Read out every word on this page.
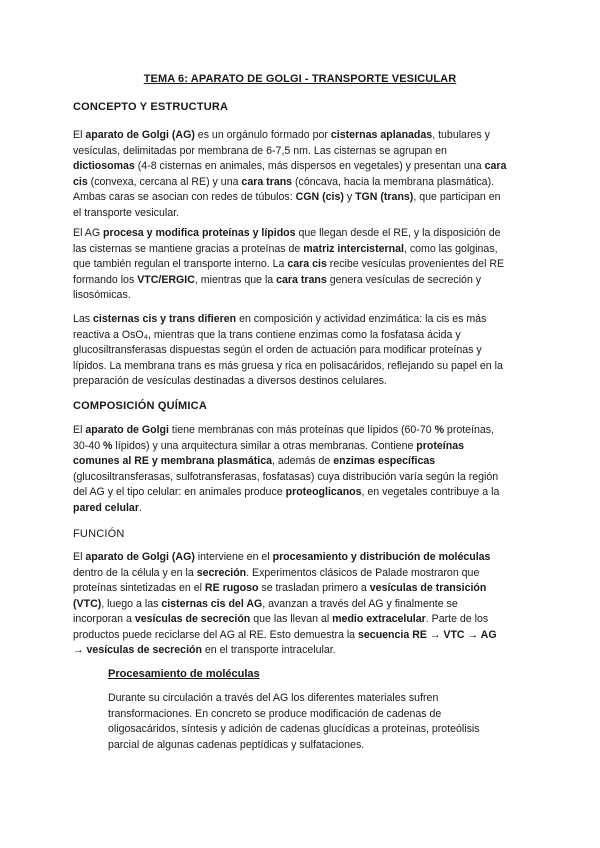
TEMA 6: APARATO DE GOLGI - TRANSPORTE VESICULAR
CONCEPTO Y ESTRUCTURA
El aparato de Golgi (AG) es un orgánulo formado por cisternas aplanadas, tubulares y
vesículas, delimitadas por membrana de 6-7,5 nm. Las cisternas se agrupan en
dictiosomas (4-8 cisternas en animales, más dispersos en vegetales) y presentan una cara
cis (convexa, cercana al RE) y una cara trans (cóncava, hacia la membrana plasmática).
Ambas caras se asocian con redes de túbulos: CGN (cis) y TGN (trans), que participan en
el transporte vesicular.
El AG procesa y modifica proteínas y lípidos que llegan desde el RE, y la disposición de
las cisternas se mantiene gracias a proteínas de matriz intercisternal, como las golginas,
que también regulan el transporte interno. La cara cis recibe vesículas provenientes del RE
formando los VTC/ERGIC, mientras que la cara trans genera vesículas de secreción y
lisosómicas.
Las cisternas cis y trans difieren en composición y actividad enzimática: la cis es más
reactiva a OsO₄, mientras que la trans contiene enzimas como la fosfatasa ácida y
glucosiltransferasas dispuestas según el orden de actuación para modificar proteínas y
lípidos. La membrana trans es más gruesa y rica en polisacáridos, reflejando su papel en la
preparación de vesículas destinadas a diversos destinos celulares.
COMPOSICIÓN QUÍMICA
El aparato de Golgi tiene membranas con más proteínas que lípidos (60-70 % proteínas,
30-40 % lípidos) y una arquitectura similar a otras membranas. Contiene proteínas
comunes al RE y membrana plasmática, además de enzimas específicas
(glucosiltransferasas, sulfotransferasas, fosfatasas) cuya distribución varía según la región
del AG y el tipo celular: en animales produce proteoglicanos, en vegetales contribuye a la
pared celular.
FUNCIÓN
El aparato de Golgi (AG) interviene en el procesamiento y distribución de moléculas
dentro de la célula y en la secreción. Experimentos clásicos de Palade mostraron que
proteínas sintetizadas en el RE rugoso se trasladan primero a vesículas de transición
(VTC), luego a las cisternas cis del AG, avanzan a través del AG y finalmente se
incorporan a vesículas de secreción que las llevan al medio extracelular. Parte de los
productos puede reciclarse del AG al RE. Esto demuestra la secuencia RE → VTC → AG
→ vesículas de secreción en el transporte intracelular.
Procesamiento de moléculas
Durante su circulación a través del AG los diferentes materiales sufren
transformaciones. En concreto se produce modificación de cadenas de
oligosacáridos, síntesis y adición de cadenas glucídicas a proteínas, proteólisis
parcial de algunas cadenas peptídicas y sulfataciones.
